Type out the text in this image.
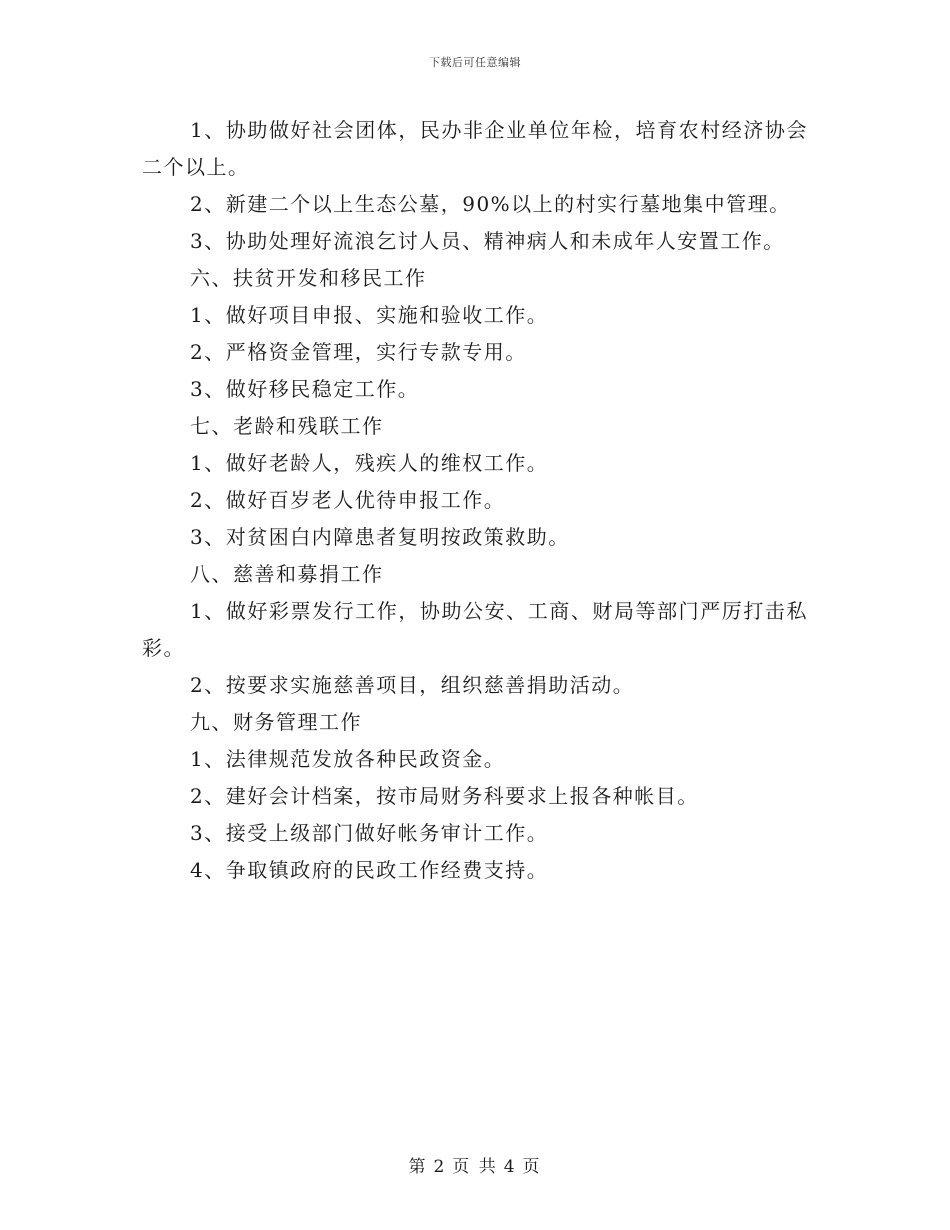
下载后可任意编辑

1、协助做好社会团体，民办非企业单位年检，培育农村经济协会二个以上。

2、新建二个以上生态公墓，90%以上的村实行墓地集中管理。

3、协助处理好流浪乞讨人员、精神病人和未成年人安置工作。

六、扶贫开发和移民工作

1、做好项目申报、实施和验收工作。

2、严格资金管理，实行专款专用。

3、做好移民稳定工作。

七、老龄和残联工作

1、做好老龄人，残疾人的维权工作。

2、做好百岁老人优待申报工作。

3、对贫困白内障患者复明按政策救助。

八、慈善和募捐工作

1、做好彩票发行工作，协助公安、工商、财局等部门严厉打击私彩。

2、按要求实施慈善项目，组织慈善捐助活动。

九、财务管理工作

1、法律规范发放各种民政资金。

2、建好会计档案，按市局财务科要求上报各种帐目。

3、接受上级部门做好帐务审计工作。

4、争取镇政府的民政工作经费支持。

第 2 页 共 4 页
